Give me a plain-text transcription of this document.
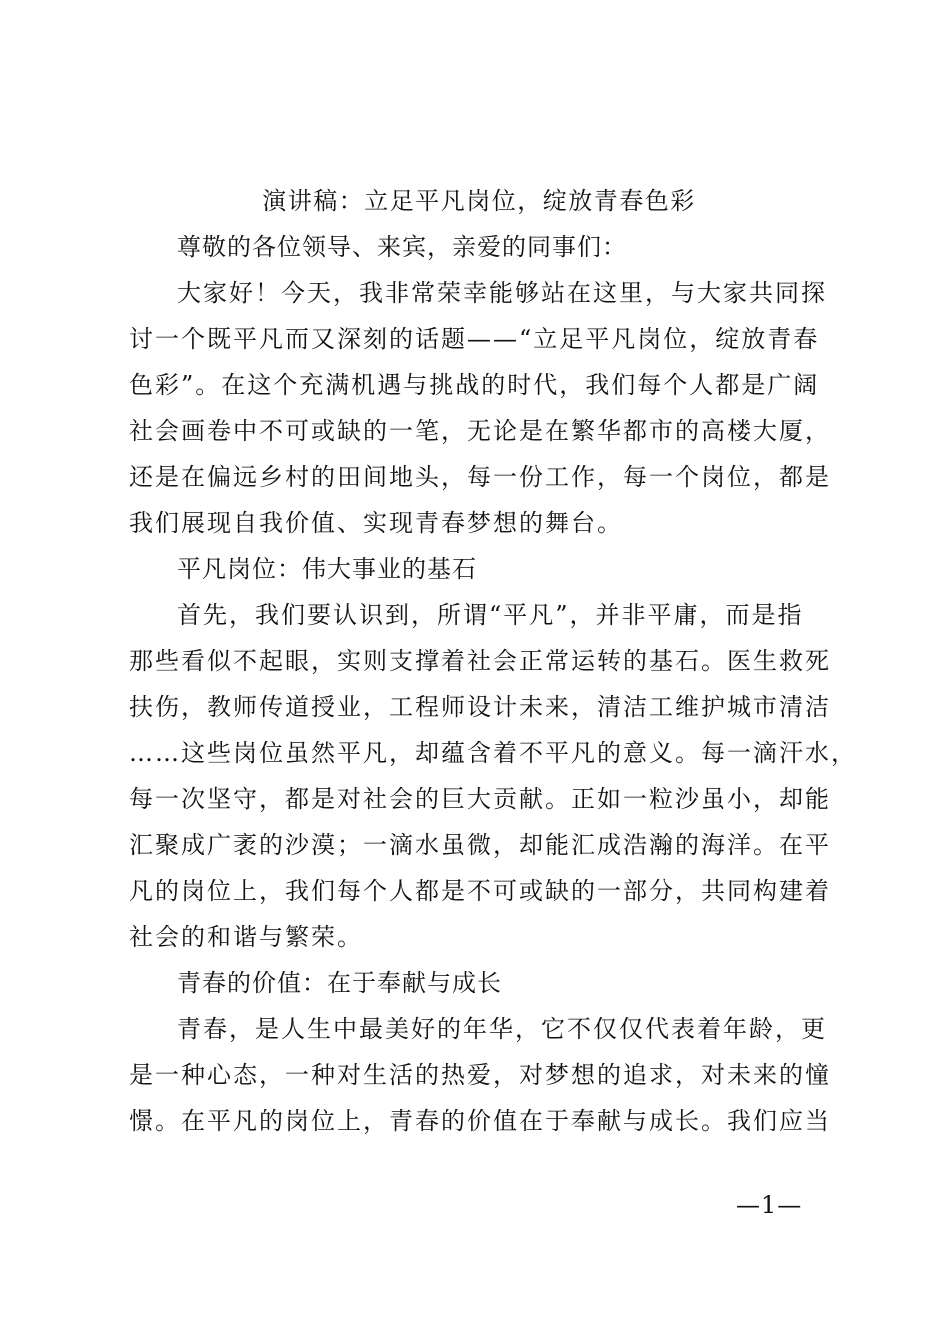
演讲稿：立足平凡岗位，绽放青春色彩

尊敬的各位领导、来宾，亲爱的同事们：

大家好！今天，我非常荣幸能够站在这里，与大家共同探
讨一个既平凡而又深刻的话题——“立足平凡岗位，绽放青春
色彩”。在这个充满机遇与挑战的时代，我们每个人都是广阔
社会画卷中不可或缺的一笔，无论是在繁华都市的高楼大厦，
还是在偏远乡村的田间地头，每一份工作，每一个岗位，都是
我们展现自我价值、实现青春梦想的舞台。

平凡岗位：伟大事业的基石

首先，我们要认识到，所谓“平凡”，并非平庸，而是指
那些看似不起眼，实则支撑着社会正常运转的基石。医生救死
扶伤，教师传道授业，工程师设计未来，清洁工维护城市清洁
……这些岗位虽然平凡，却蕴含着不平凡的意义。每一滴汗水，
每一次坚守，都是对社会的巨大贡献。正如一粒沙虽小，却能
汇聚成广袤的沙漠；一滴水虽微，却能汇成浩瀚的海洋。在平
凡的岗位上，我们每个人都是不可或缺的一部分，共同构建着
社会的和谐与繁荣。

青春的价值：在于奉献与成长

青春，是人生中最美好的年华，它不仅仅代表着年龄，更
是一种心态，一种对生活的热爱，对梦想的追求，对未来的憧
憬。在平凡的岗位上，青春的价值在于奉献与成长。我们应当

—1—
